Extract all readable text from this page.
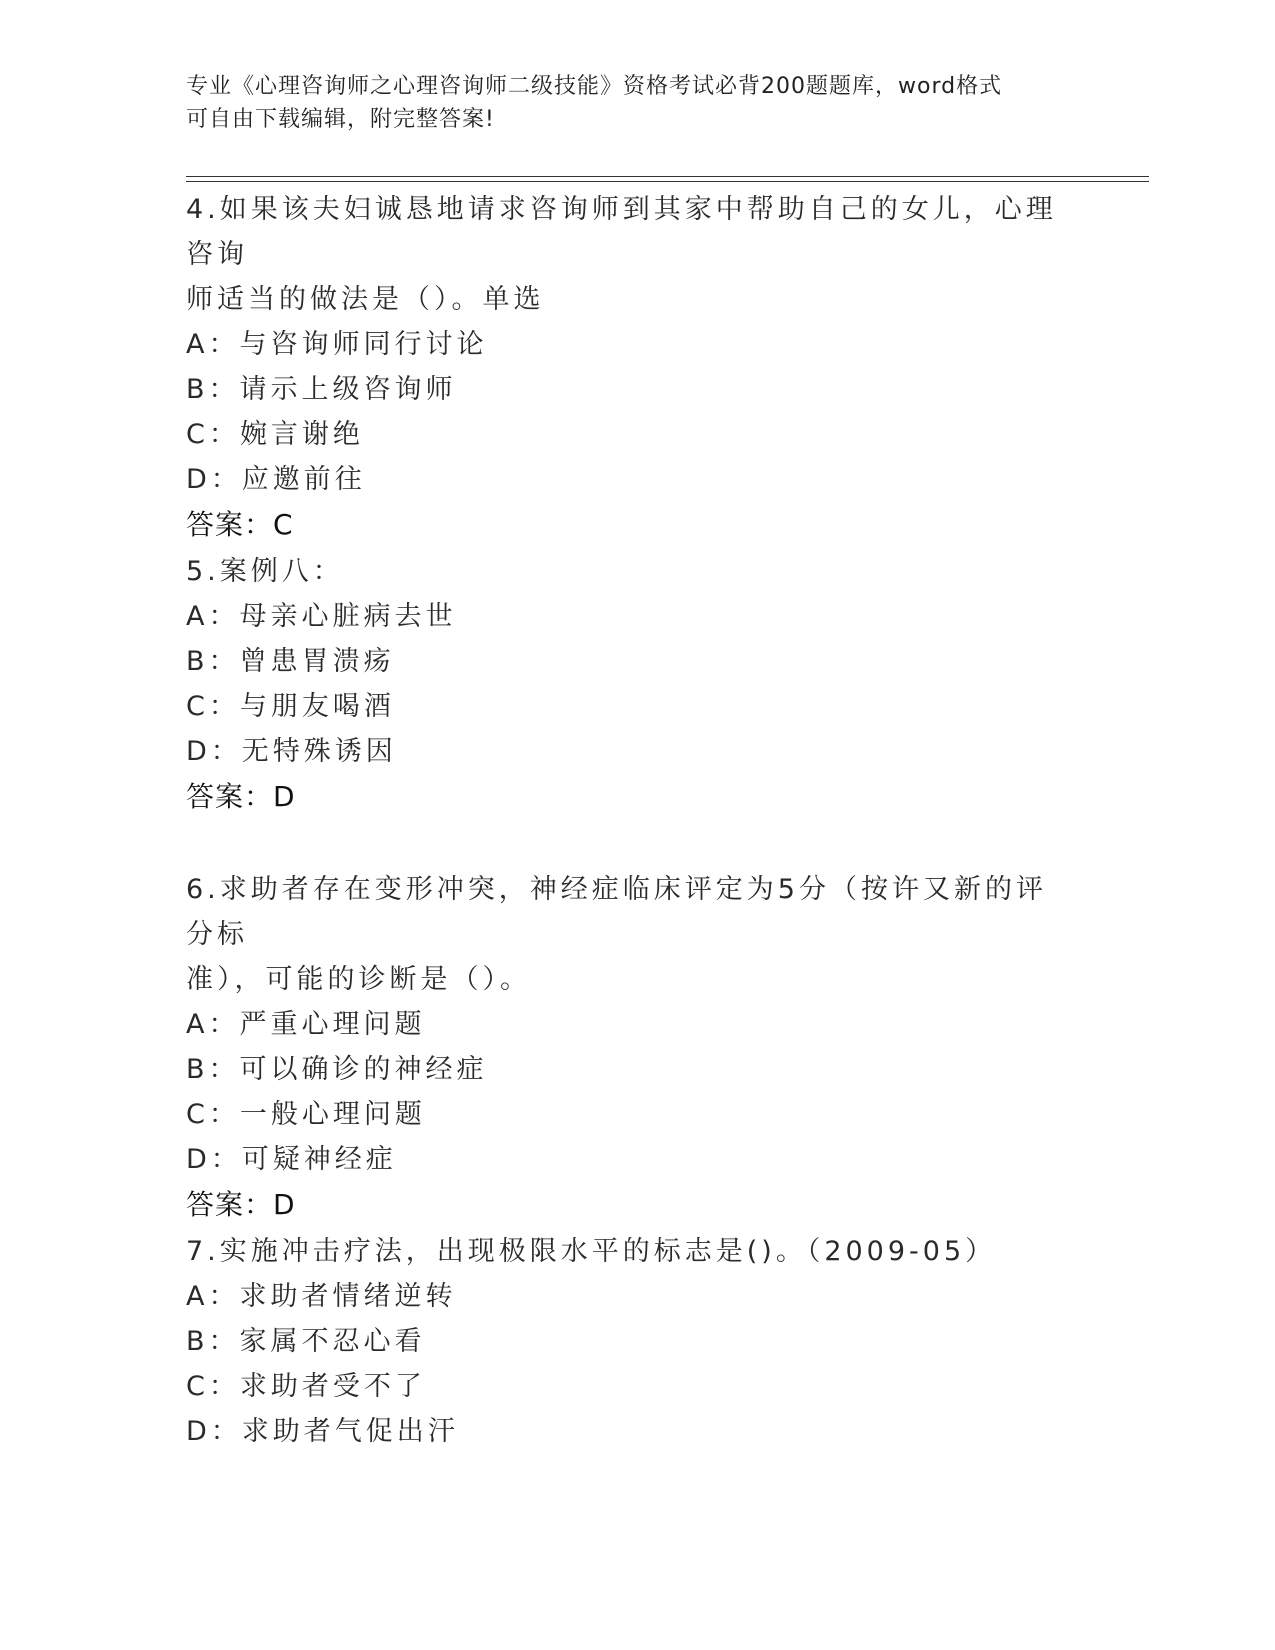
专业《心理咨询师之心理咨询师二级技能》资格考试必背200题题库，word格式
可自由下载编辑，附完整答案!

4.如果该夫妇诚恳地请求咨询师到其家中帮助自己的女儿，心理咨询

师适当的做法是（）。单选

A：与咨询师同行讨论

B：请示上级咨询师

C：婉言谢绝

D：应邀前往

答案：C

5.案例八：

A：母亲心脏病去世

B：曾患胃溃疡

C：与朋友喝酒

D：无特殊诱因

答案：D

6.求助者存在变形冲突，神经症临床评定为5分（按许又新的评分标

准），可能的诊断是（）。

A：严重心理问题

B：可以确诊的神经症

C：一般心理问题

D：可疑神经症

答案：D

7.实施冲击疗法，出现极限水平的标志是()。（2009-05）

A：求助者情绪逆转

B：家属不忍心看

C：求助者受不了

D：求助者气促出汗
